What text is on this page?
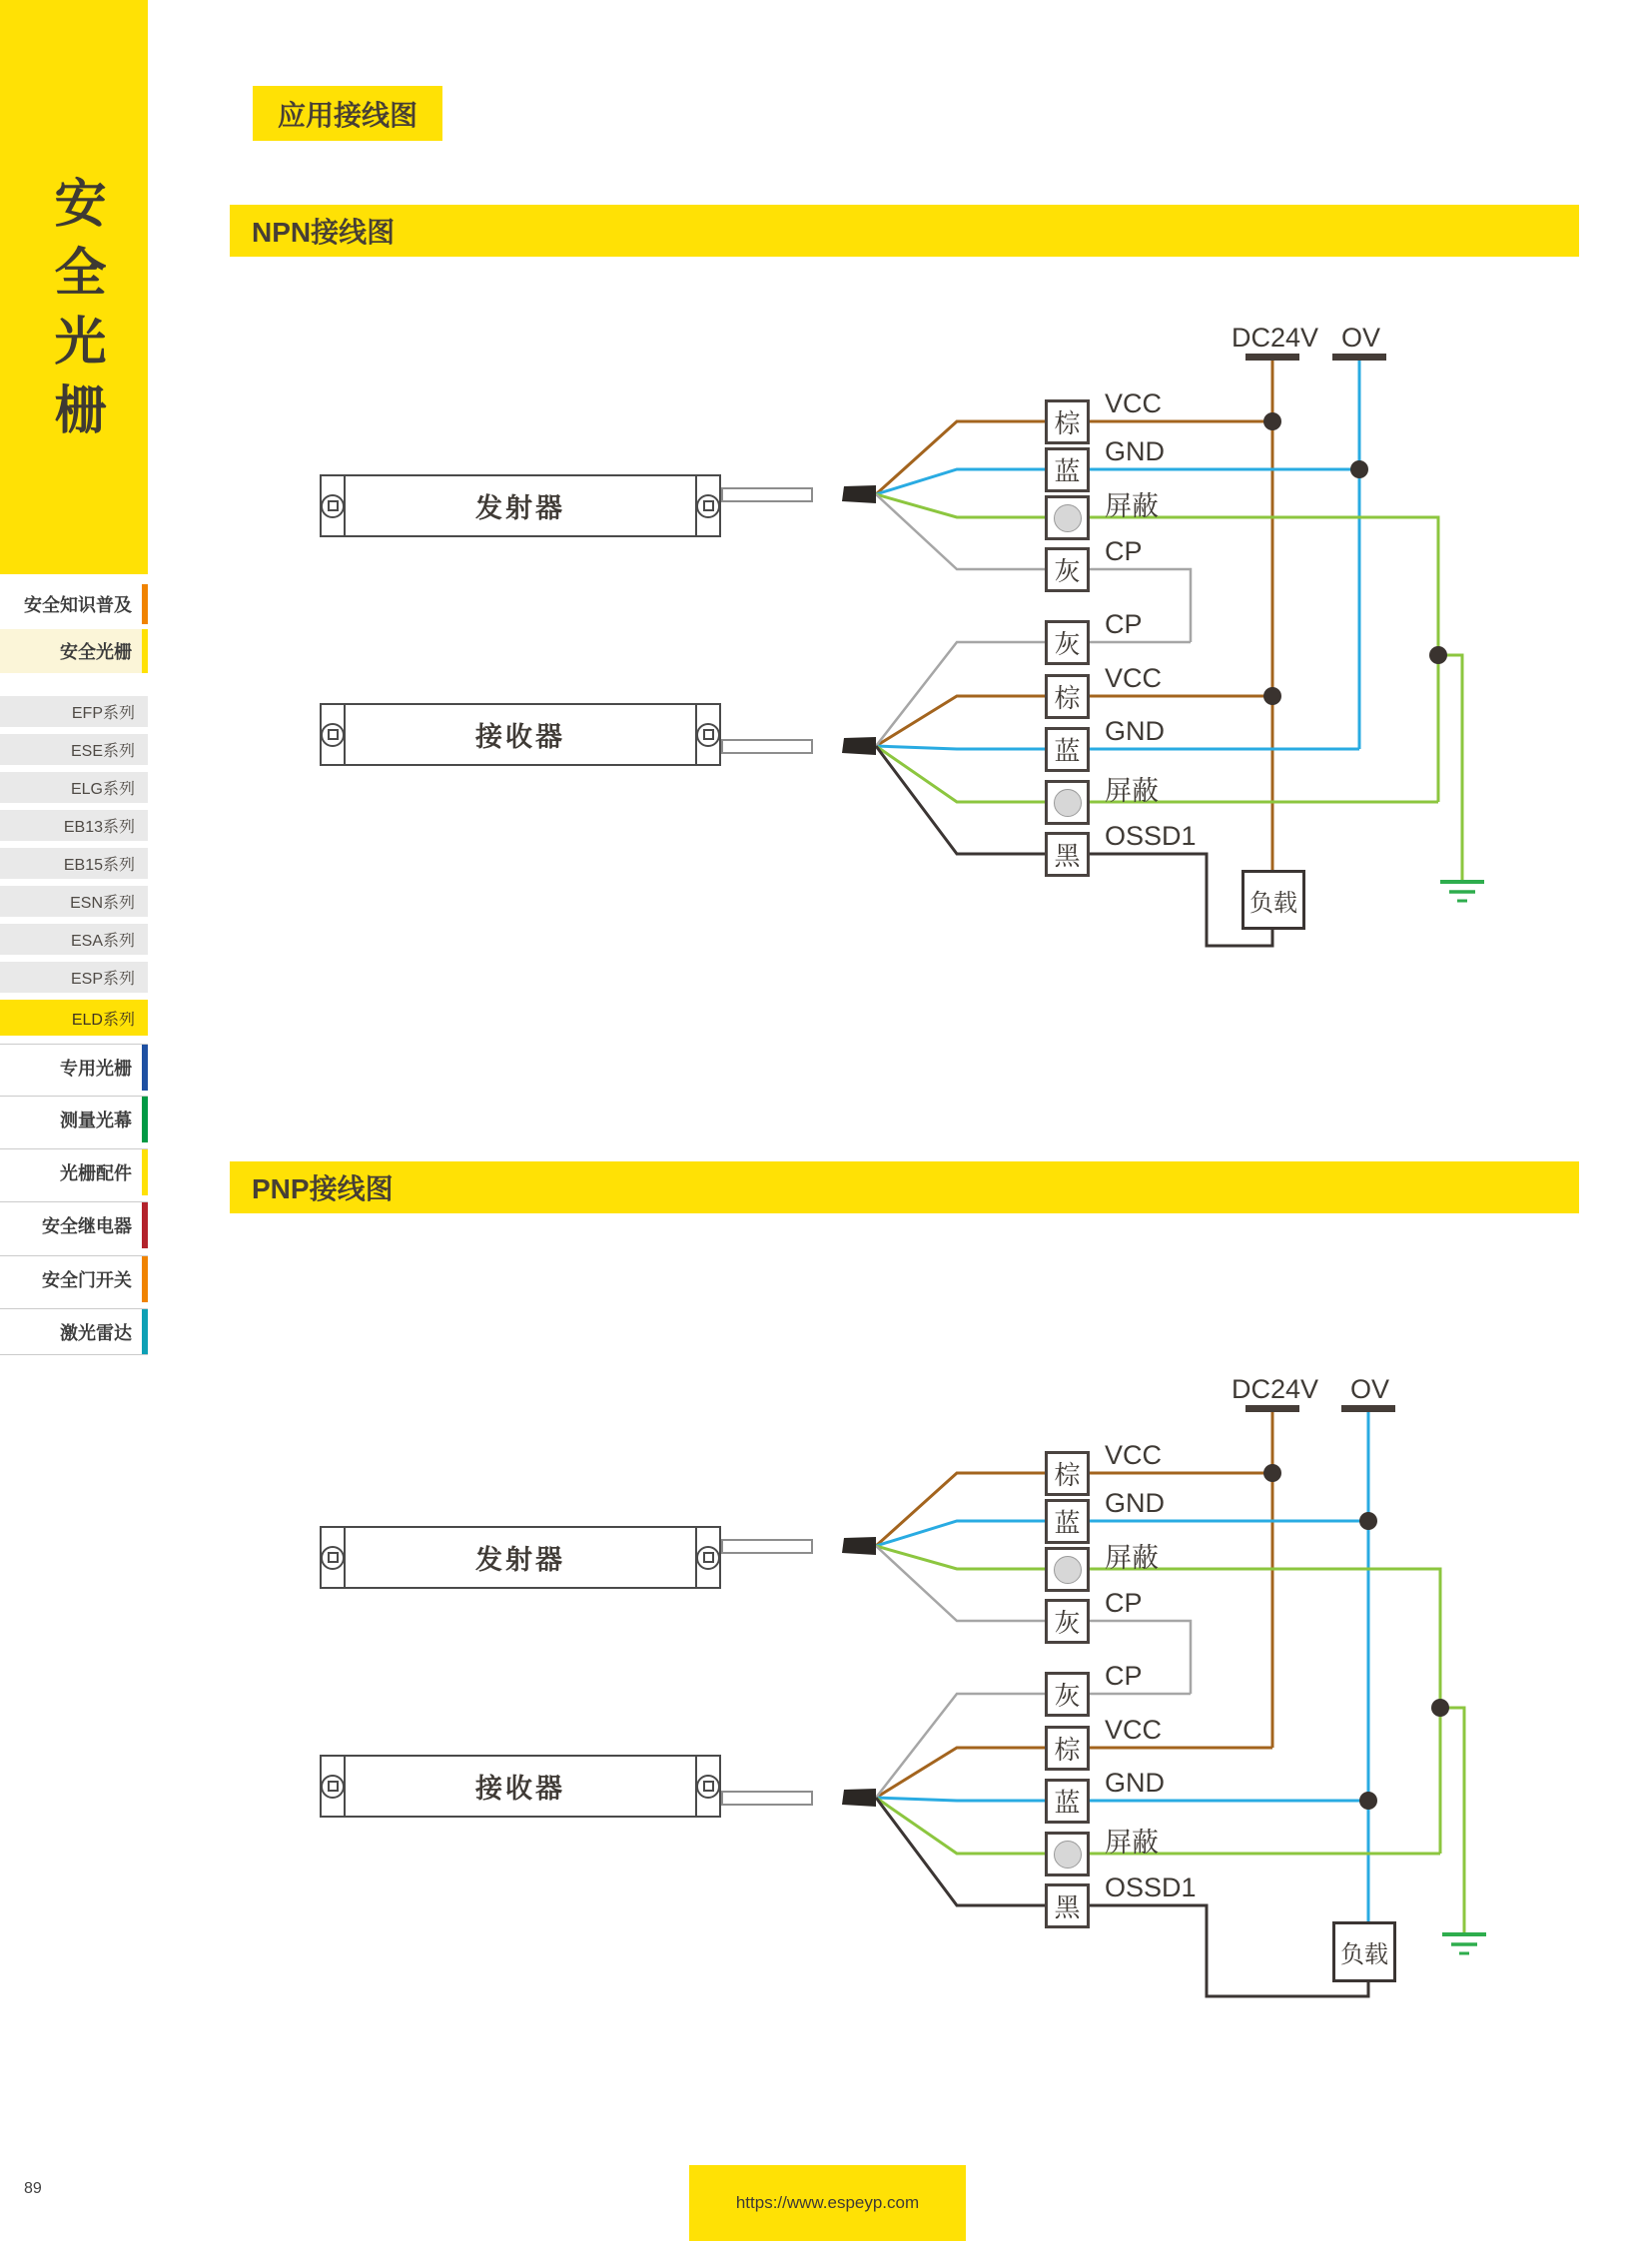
安全光栅
安全知识普及
安全光栅
EFP系列
ESE系列
ELG系列
EB13系列
EB15系列
ESN系列
ESA系列
ESP系列
ELD系列
专用光栅
测量光幕
光栅配件
安全继电器
安全门开关
激光雷达
应用接线图
NPN接线图
PNP接线图
DC24V OV
发射器
接收器
棕
蓝
灰
灰
棕
蓝
黑
VCC
GND
屏蔽
CP
CP
VCC
GND
屏蔽
OSSD1
负载
DC24V OV
发射器
接收器
棕
蓝
灰
灰
棕
蓝
黑
VCC
GND
屏蔽
CP
CP
VCC
GND
屏蔽
OSSD1
负载
89
https://www.espeyp.com
